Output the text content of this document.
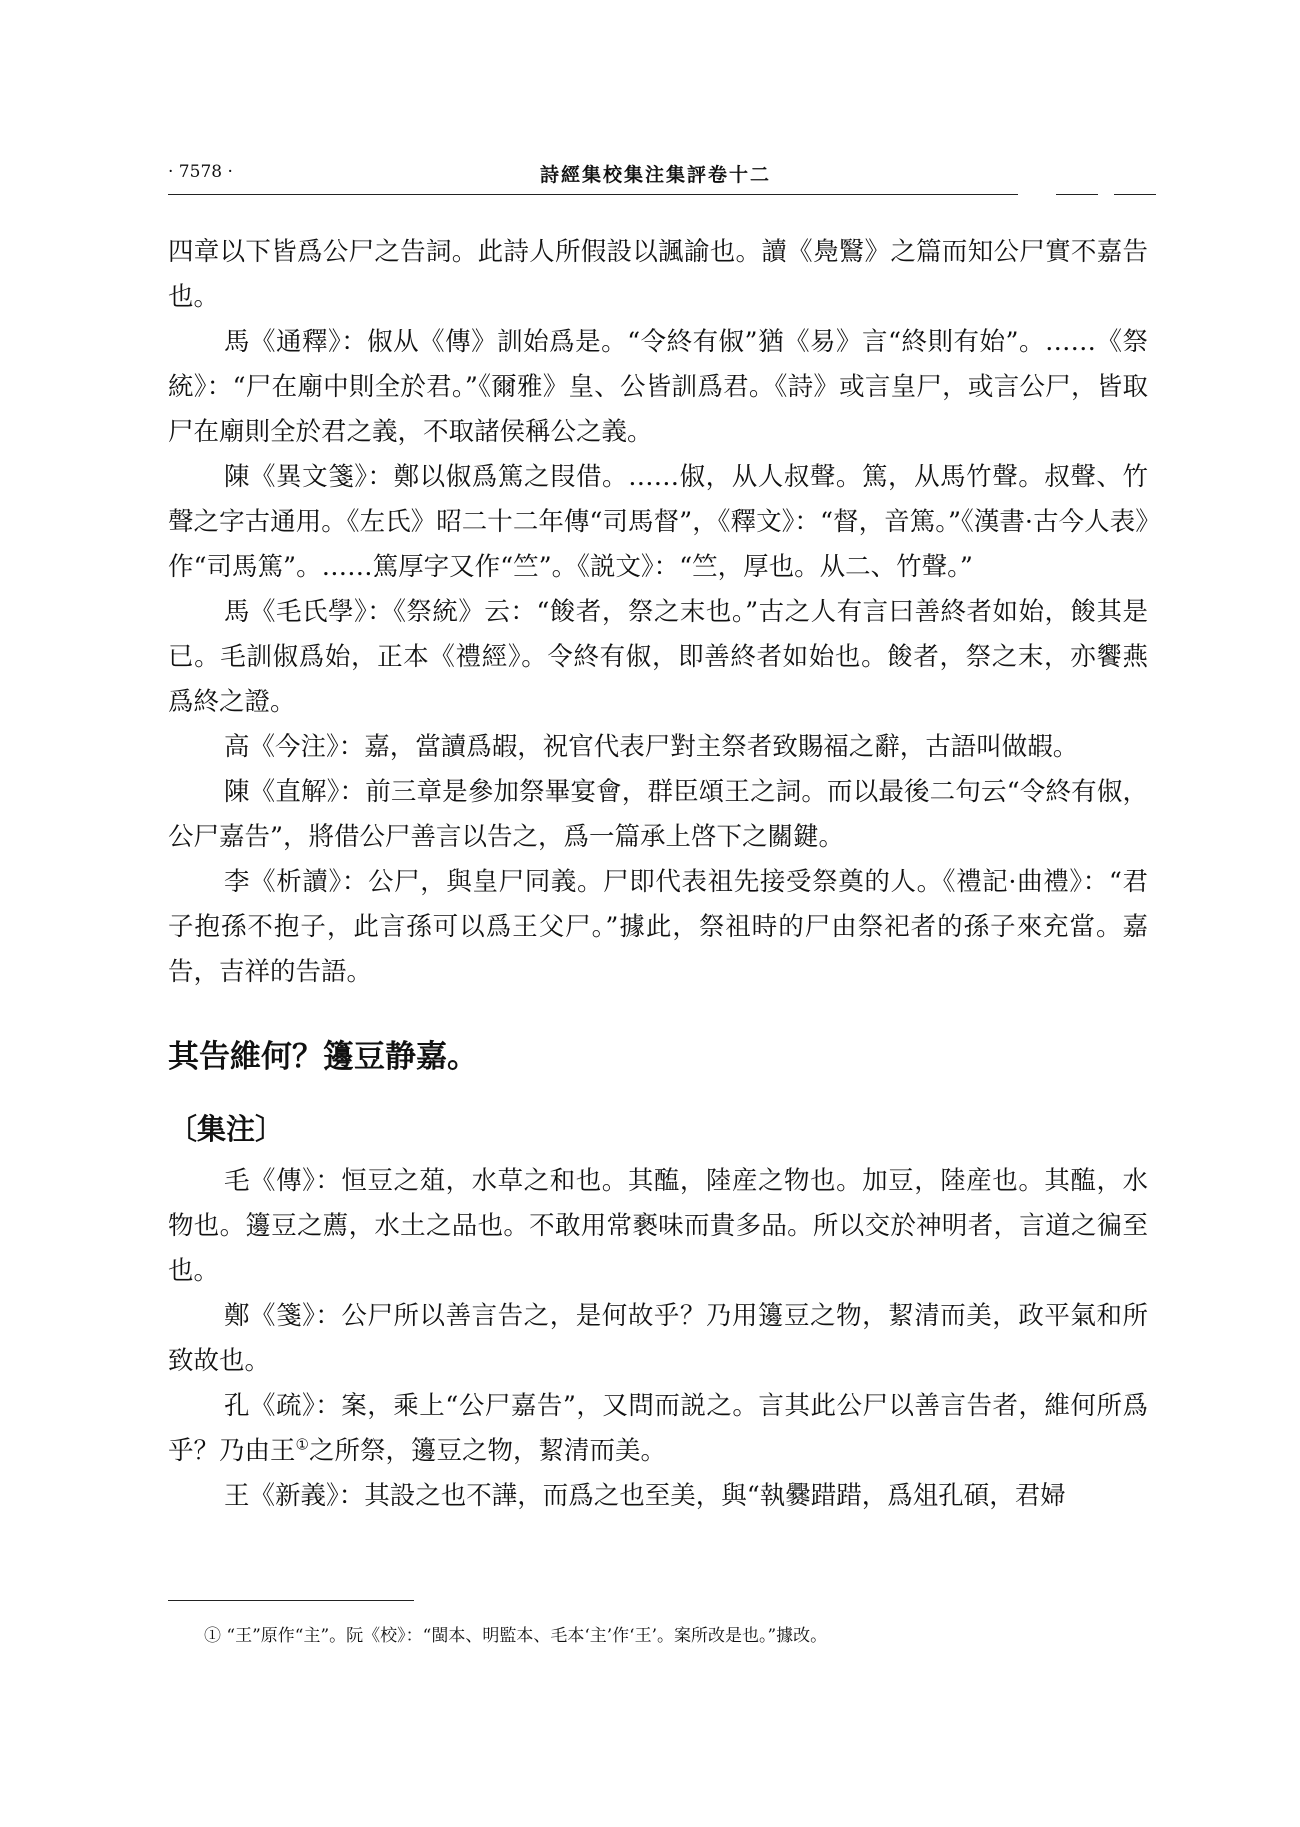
· 7578 ·	詩經集校集注集評卷十二

四章以下皆爲公尸之告詞。此詩人所假設以諷諭也。讀《鳧鷖》之篇而知公尸實不嘉告也。

馬《通釋》：俶从《傳》訓始爲是。“令終有俶”猶《易》言“終則有始”。……《祭統》：“尸在廟中則全於君。”《爾雅》皇、公皆訓爲君。《詩》或言皇尸，或言公尸，皆取尸在廟則全於君之義，不取諸侯稱公之義。

陳《異文箋》：鄭以俶爲篤之叚借。……俶，从人叔聲。篤，从馬竹聲。叔聲、竹聲之字古通用。《左氏》昭二十二年傳“司馬督”，《釋文》：“督，音篤。”《漢書·古今人表》作“司馬篤”。……篤厚字又作“竺”。《説文》：“竺，厚也。从二、竹聲。”

馬《毛氏學》：《祭統》云：“餕者，祭之末也。”古之人有言曰善終者如始，餕其是已。毛訓俶爲始，正本《禮經》。令終有俶，即善終者如始也。餕者，祭之末，亦饗燕爲終之證。

高《今注》：嘉，當讀爲嘏，祝官代表尸對主祭者致賜福之辭，古語叫做嘏。

陳《直解》：前三章是參加祭畢宴會，群臣頌王之詞。而以最後二句云“令終有俶，公尸嘉告”，將借公尸善言以告之，爲一篇承上啓下之關鍵。

李《析讀》：公尸，與皇尸同義。尸即代表祖先接受祭奠的人。《禮記·曲禮》：“君子抱孫不抱子，此言孫可以爲王父尸。”據此，祭祖時的尸由祭祀者的孫子來充當。嘉告，吉祥的告語。

其告維何？籩豆静嘉。
〔集注〕

毛《傳》：恒豆之葅，水草之和也。其醢，陸産之物也。加豆，陸産也。其醢，水物也。籩豆之薦，水土之品也。不敢用常褻味而貴多品。所以交於神明者，言道之徧至也。

鄭《箋》：公尸所以善言告之，是何故乎？乃用籩豆之物，絜清而美，政平氣和所致故也。

孔《疏》：案，乘上“公尸嘉告”，又問而説之。言其此公尸以善言告者，維何所爲乎？乃由王①之所祭，籩豆之物，絜清而美。

王《新義》：其設之也不譁，而爲之也至美，與“執爨踖踖，爲俎孔碩，君婦

① “王”原作“主”。阮《校》：“閩本、明監本、毛本‘主’作‘王’。案所改是也。”據改。
